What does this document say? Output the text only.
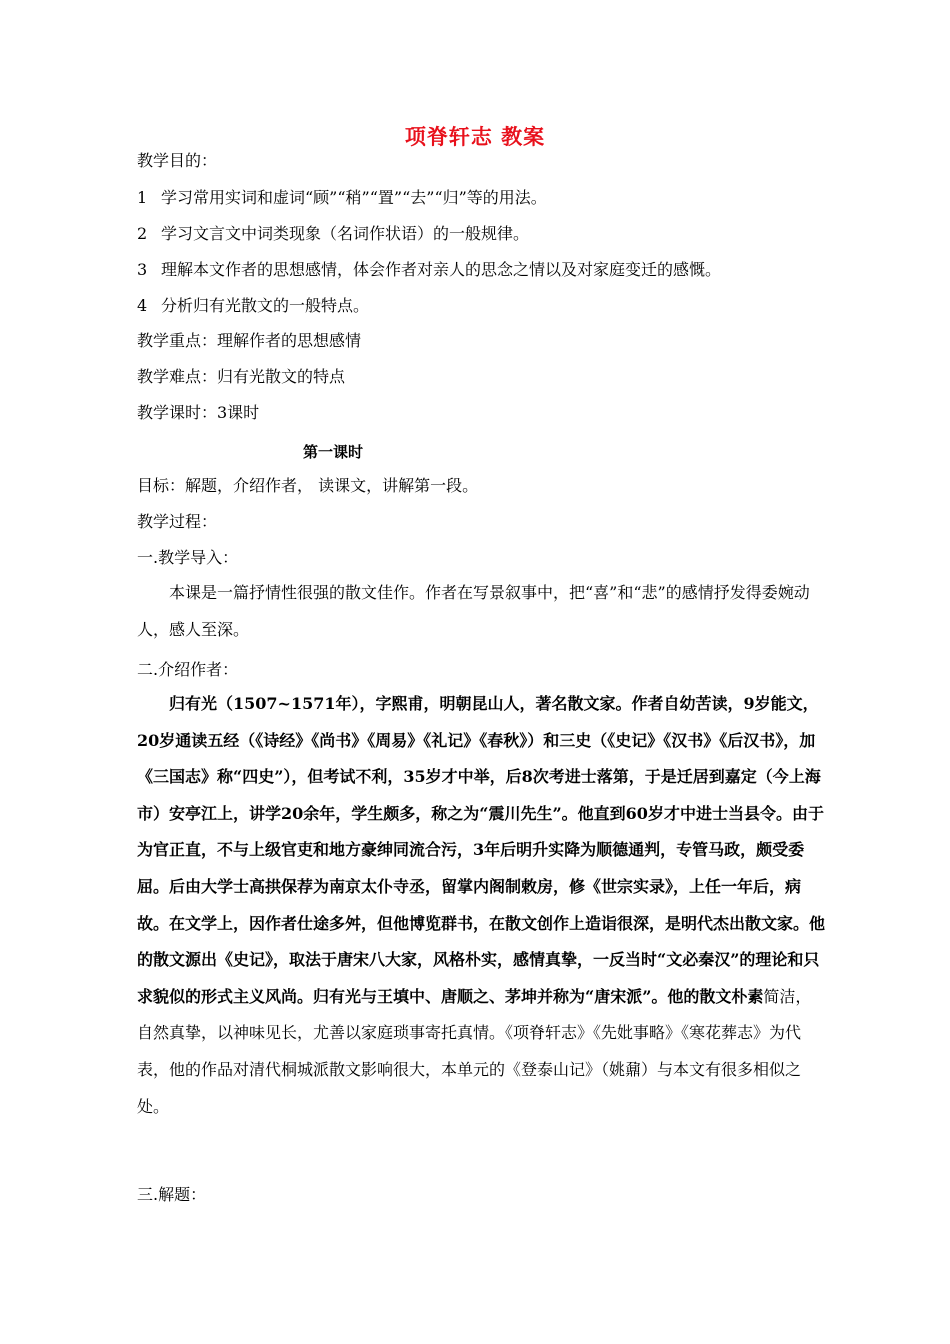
项脊轩志 教案
教学目的：
1 学习常用实词和虚词“顾”“稍”“置”“去”“归”等的用法。
2 学习文言文中词类现象（名词作状语）的一般规律。
3 理解本文作者的思想感情，体会作者对亲人的思念之情以及对家庭变迁的感慨。
4 分析归有光散文的一般特点。
教学重点：理解作者的思想感情
教学难点：归有光散文的特点
教学课时：3课时
第一课时
目标：解题，介绍作者， 读课文，讲解第一段。
教学过程：
一.教学导入：
本课是一篇抒情性很强的散文佳作。作者在写景叙事中，把“喜”和“悲”的感情抒发得委婉动人，感人至深。
二.介绍作者：
归有光（1507~1571年），字熙甫，明朝昆山人，著名散文家。作者自幼苦读，9岁能文，20岁通读五经（《诗经》《尚书》《周易》《礼记》《春秋》）和三史（《史记》《汉书》《后汉书》，加《三国志》称“四史”），但考试不利，35岁才中举，后8次考进士落第，于是迁居到嘉定（今上海市）安亭江上，讲学20余年，学生颇多，称之为“震川先生”。他直到60岁才中进士当县令。由于为官正直，不与上级官吏和地方豪绅同流合污，3年后明升实降为顺德通判，专管马政，颇受委屈。后由大学士高拱保荐为南京太仆寺丞，留掌内阁制敕房，修《世宗实录》，上任一年后，病故。在文学上，因作者仕途多舛，但他博览群书，在散文创作上造诣很深，是明代杰出散文家。他的散文源出《史记》，取法于唐宋八大家，风格朴实，感情真挚，一反当时“文必秦汉”的理论和只求貌似的形式主义风尚。归有光与王填中、唐顺之、茅坤并称为“唐宋派”。他的散文朴素简洁，自然真挚，以神味见长，尤善以家庭琐事寄托真情。《项脊轩志》《先妣事略》《寒花葬志》为代表，他的作品对清代桐城派散文影响很大，本单元的《登泰山记》（姚鼐）与本文有很多相似之处。
三.解题：
